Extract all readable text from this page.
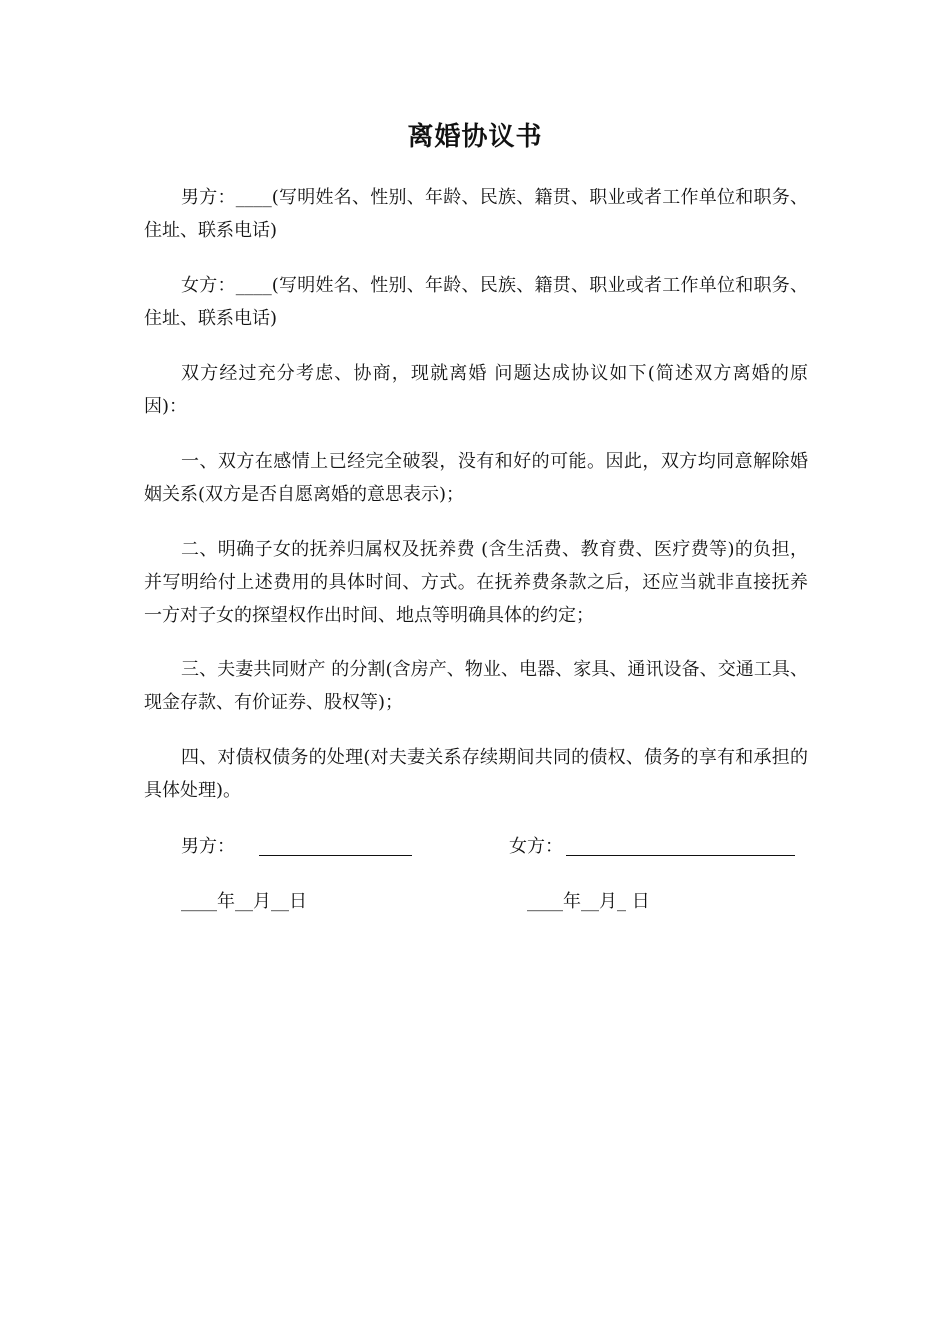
离婚协议书
男方：____(写明姓名、性别、年龄、民族、籍贯、职业或者工作单位和职务、住址、联系电话)
女方：____(写明姓名、性别、年龄、民族、籍贯、职业或者工作单位和职务、住址、联系电话)
双方经过充分考虑、协商，现就离婚 问题达成协议如下(简述双方离婚的原因)：
一、双方在感情上已经完全破裂，没有和好的可能。因此，双方均同意解除婚姻关系(双方是否自愿离婚的意思表示)；
二、明确子女的抚养归属权及抚养费 (含生活费、教育费、医疗费等)的负担，并写明给付上述费用的具体时间、方式。在抚养费条款之后，还应当就非直接抚养一方对子女的探望权作出时间、地点等明确具体的约定；
三、夫妻共同财产 的分割(含房产、物业、电器、家具、通讯设备、交通工具、现金存款、有价证券、股权等)；
四、对债权债务的处理(对夫妻关系存续期间共同的债权、债务的享有和承担的具体处理)。
男方：	女方：
____年__月__日	____年__月_ 日
